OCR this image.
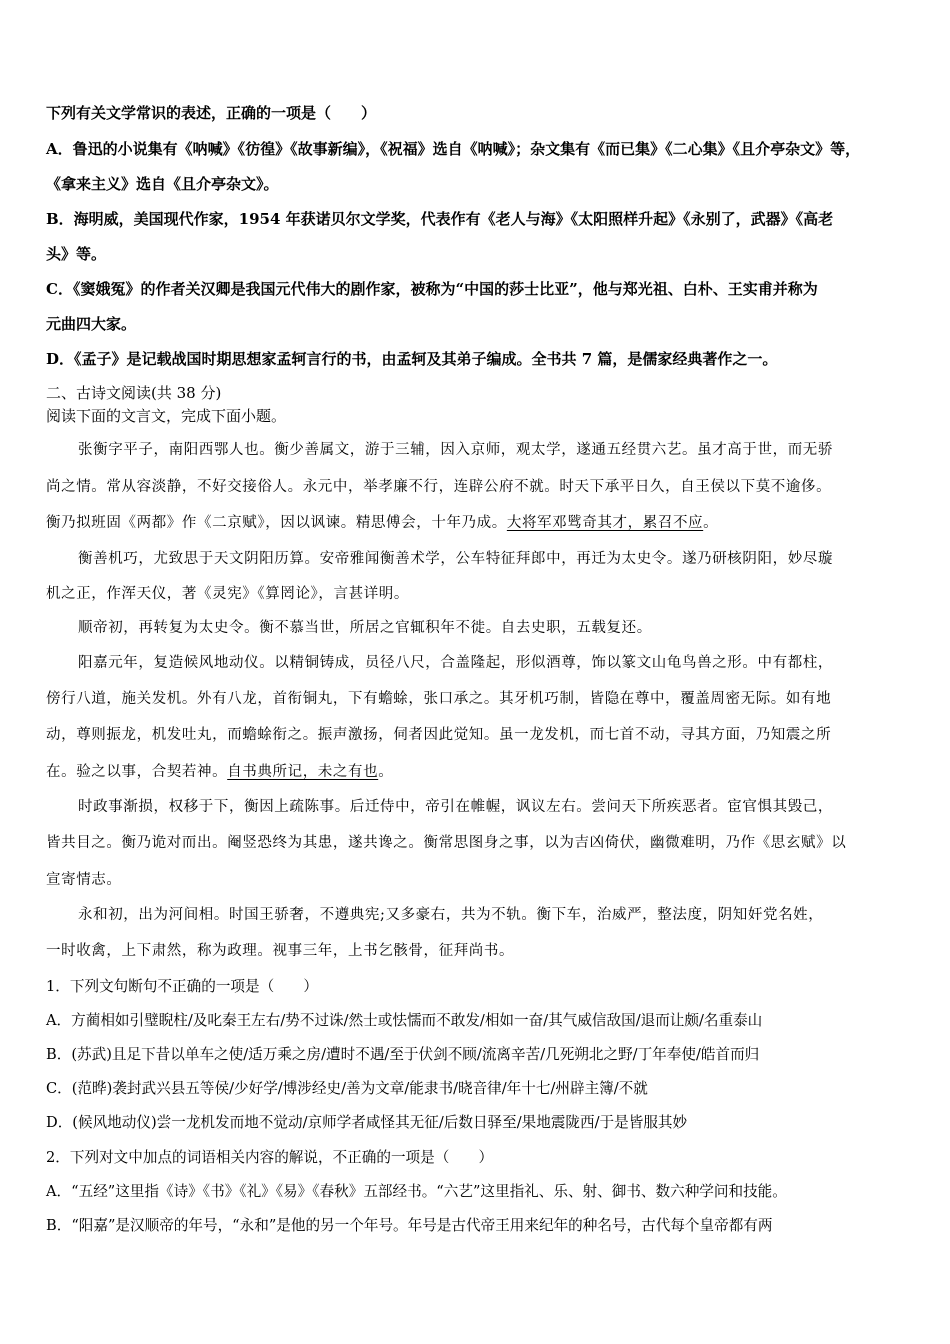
下列有关文学常识的表述，正确的一项是（　　）
A．鲁迅的小说集有《呐喊》《彷徨》《故事新编》，《祝福》选自《呐喊》；杂文集有《而已集》《二心集》《且介亭杂文》等，
《拿来主义》选自《且介亭杂文》。
B．海明威，美国现代作家，1954 年获诺贝尔文学奖，代表作有《老人与海》《太阳照样升起》《永别了，武器》《高老
头》等。
C．《窦娥冤》的作者关汉卿是我国元代伟大的剧作家，被称为“中国的莎士比亚”，他与郑光祖、白朴、王实甫并称为
元曲四大家。
D．《孟子》是记载战国时期思想家孟轲言行的书，由孟轲及其弟子编成。全书共 7 篇，是儒家经典著作之一。
二、古诗文阅读(共 38 分)
阅读下面的文言文，完成下面小题。
张衡字平子，南阳西鄂人也。衡少善属文，游于三辅，因入京师，观太学，遂通五经贯六艺。虽才高于世，而无骄
尚之情。常从容淡静，不好交接俗人。永元中，举孝廉不行，连辟公府不就。时天下承平日久，自王侯以下莫不逾侈。
衡乃拟班固《两都》作《二京赋》，因以讽谏。精思傅会，十年乃成。大将军邓骘奇其才，累召不应。
衡善机巧，尤致思于天文阴阳历算。安帝雅闻衡善术学，公车特征拜郎中，再迁为太史令。遂乃研核阴阳，妙尽璇
机之正，作浑天仪，著《灵宪》《算罔论》，言甚详明。
顺帝初，再转复为太史令。衡不慕当世，所居之官辄积年不徙。自去史职，五载复还。
阳嘉元年，复造候风地动仪。以精铜铸成，员径八尺，合盖隆起，形似酒尊，饰以篆文山龟鸟兽之形。中有都柱，
傍行八道，施关发机。外有八龙，首衔铜丸，下有蟾蜍，张口承之。其牙机巧制，皆隐在尊中，覆盖周密无际。如有地
动，尊则振龙，机发吐丸，而蟾蜍衔之。振声激扬，伺者因此觉知。虽一龙发机，而七首不动，寻其方面，乃知震之所
在。验之以事，合契若神。自书典所记，未之有也。
时政事渐损，权移于下，衡因上疏陈事。后迁侍中，帝引在帷幄，讽议左右。尝问天下所疾恶者。宦官惧其毁己，
皆共目之。衡乃诡对而出。阉竖恐终为其患，遂共谗之。衡常思图身之事，以为吉凶倚伏，幽微难明，乃作《思玄赋》以
宣寄情志。
永和初，出为河间相。时国王骄奢，不遵典宪;又多豪右，共为不轨。衡下车，治威严，整法度，阴知奸党名姓，
一时收禽，上下肃然，称为政理。视事三年，上书乞骸骨，征拜尚书。
1．下列文句断句不正确的一项是（　　）
A．方蔺相如引璧睨柱/及叱秦王左右/势不过诛/然士或怯懦而不敢发/相如一奋/其气威信敌国/退而让颇/名重泰山
B．(苏武)且足下昔以单车之使/适万乘之房/遭时不遇/至于伏剑不顾/流离辛苦/几死朔北之野/丁年奉使/皓首而归
C．(范晔)袭封武兴县五等侯/少好学/博涉经史/善为文章/能隶书/晓音律/年十七/州辟主簿/不就
D．(候风地动仪)尝一龙机发而地不觉动/京师学者咸怪其无征/后数日驿至/果地震陇西/于是皆服其妙
2．下列对文中加点的词语相关内容的解说，不正确的一项是（　　）
A．“五经”这里指《诗》《书》《礼》《易》《春秋》五部经书。“六艺”这里指礼、乐、射、御书、数六种学问和技能。
B．“阳嘉”是汉顺帝的年号，“永和”是他的另一个年号。年号是古代帝王用来纪年的种名号，古代每个皇帝都有两
